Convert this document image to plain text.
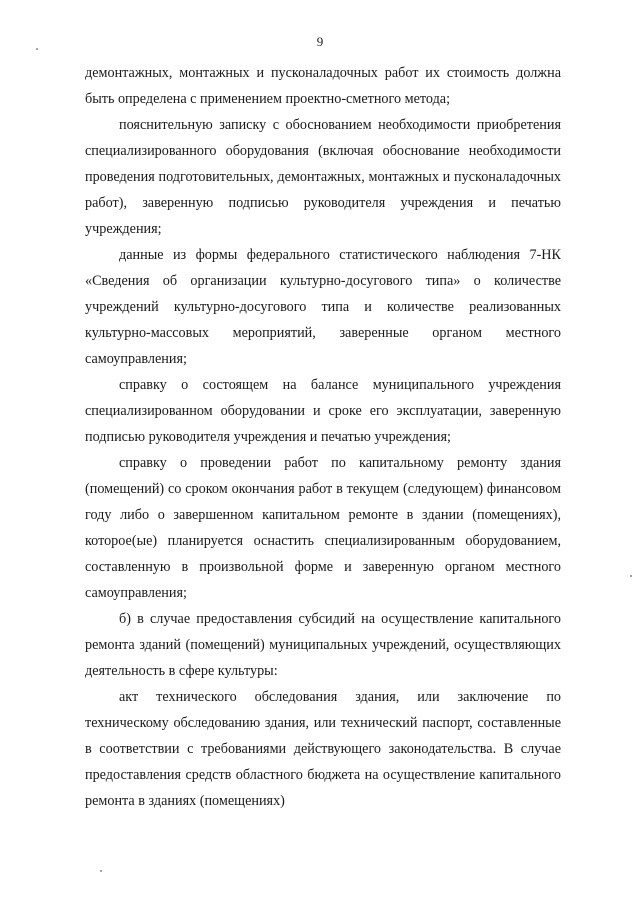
9

демонтажных, монтажных и пусконаладочных работ их стоимость должна быть определена с применением проектно-сметного метода;

пояснительную записку с обоснованием необходимости приобретения специализированного оборудования (включая обоснование необходимости проведения подготовительных, демонтажных, монтажных и пусконаладочных работ), заверенную подписью руководителя учреждения и печатью учреждения;

данные из формы федерального статистического наблюдения 7-НК «Сведения об организации культурно-досугового типа» о количестве учреждений культурно-досугового типа и количестве реализованных культурно-массовых мероприятий, заверенные органом местного самоуправления;

справку о состоящем на балансе муниципального учреждения специализированном оборудовании и сроке его эксплуатации, заверенную подписью руководителя учреждения и печатью учреждения;

справку о проведении работ по капитальному ремонту здания (помещений) со сроком окончания работ в текущем (следующем) финансовом году либо о завершенном капитальном ремонте в здании (помещениях), которое(ые) планируется оснастить специализированным оборудованием, составленную в произвольной форме и заверенную органом местного самоуправления;

б) в случае предоставления субсидий на осуществление капитального ремонта зданий (помещений) муниципальных учреждений, осуществляющих деятельность в сфере культуры:

акт технического обследования здания, или заключение по техническому обследованию здания, или технический паспорт, составленные в соответствии с требованиями действующего законодательства. В случае предоставления средств областного бюджета на осуществление капитального ремонта в зданиях (помещениях)
